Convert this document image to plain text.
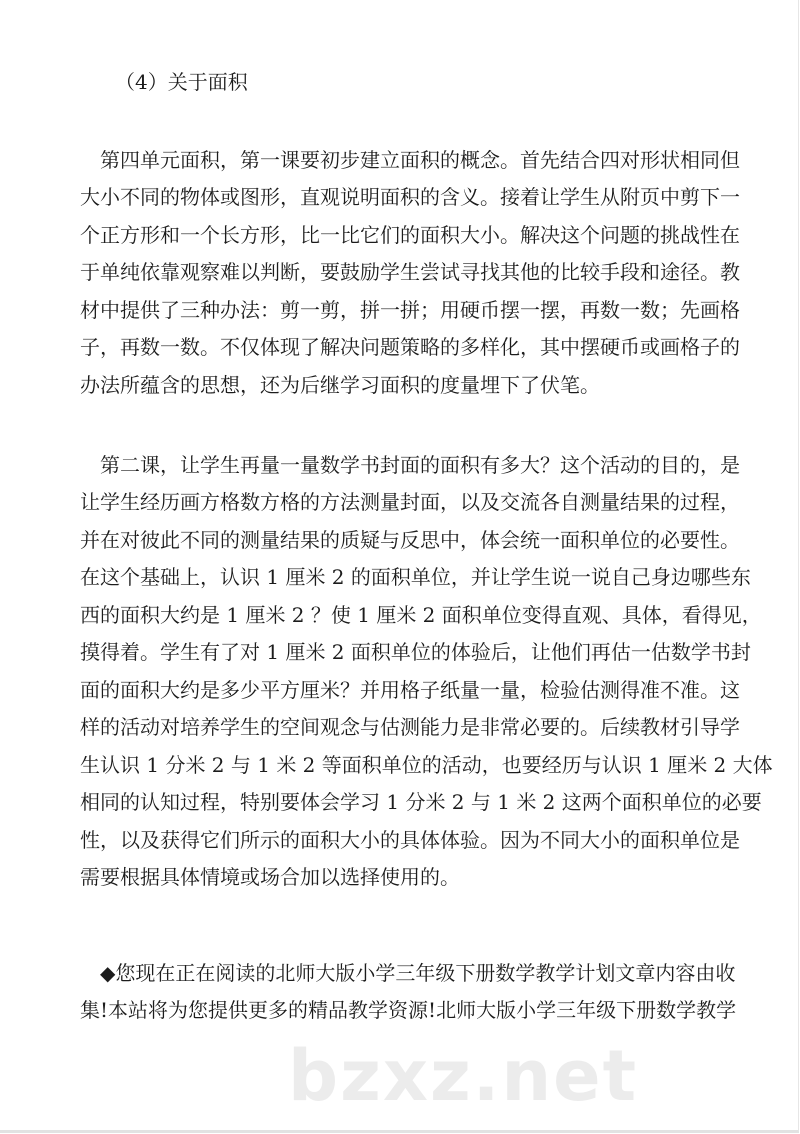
bzxz.net
（4）关于面积
第四单元面积，第一课要初步建立面积的概念。首先结合四对形状相同但
大小不同的物体或图形，直观说明面积的含义。接着让学生从附页中剪下一
个正方形和一个长方形，比一比它们的面积大小。解决这个问题的挑战性在
于单纯依靠观察难以判断，要鼓励学生尝试寻找其他的比较手段和途径。教
材中提供了三种办法：剪一剪，拼一拼；用硬币摆一摆，再数一数；先画格
子，再数一数。不仅体现了解决问题策略的多样化，其中摆硬币或画格子的
办法所蕴含的思想，还为后继学习面积的度量埋下了伏笔。
第二课，让学生再量一量数学书封面的面积有多大？这个活动的目的，是
让学生经历画方格数方格的方法测量封面，以及交流各自测量结果的过程，
并在对彼此不同的测量结果的质疑与反思中，体会统一面积单位的必要性。
在这个基础上，认识 1 厘米 2 的面积单位，并让学生说一说自己身边哪些东
西的面积大约是 1 厘米 2 ？使 1 厘米 2 面积单位变得直观、具体，看得见，
摸得着。学生有了对 1 厘米 2 面积单位的体验后，让他们再估一估数学书封
面的面积大约是多少平方厘米？并用格子纸量一量，检验估测得准不准。这
样的活动对培养学生的空间观念与估测能力是非常必要的。后续教材引导学
生认识 1 分米 2 与 1 米 2 等面积单位的活动，也要经历与认识 1 厘米 2 大体
相同的认知过程，特别要体会学习 1 分米 2 与 1 米 2 这两个面积单位的必要
性，以及获得它们所示的面积大小的具体体验。因为不同大小的面积单位是
需要根据具体情境或场合加以选择使用的。
◆您现在正在阅读的北师大版小学三年级下册数学教学计划文章内容由收
集!本站将为您提供更多的精品教学资源!北师大版小学三年级下册数学教学
